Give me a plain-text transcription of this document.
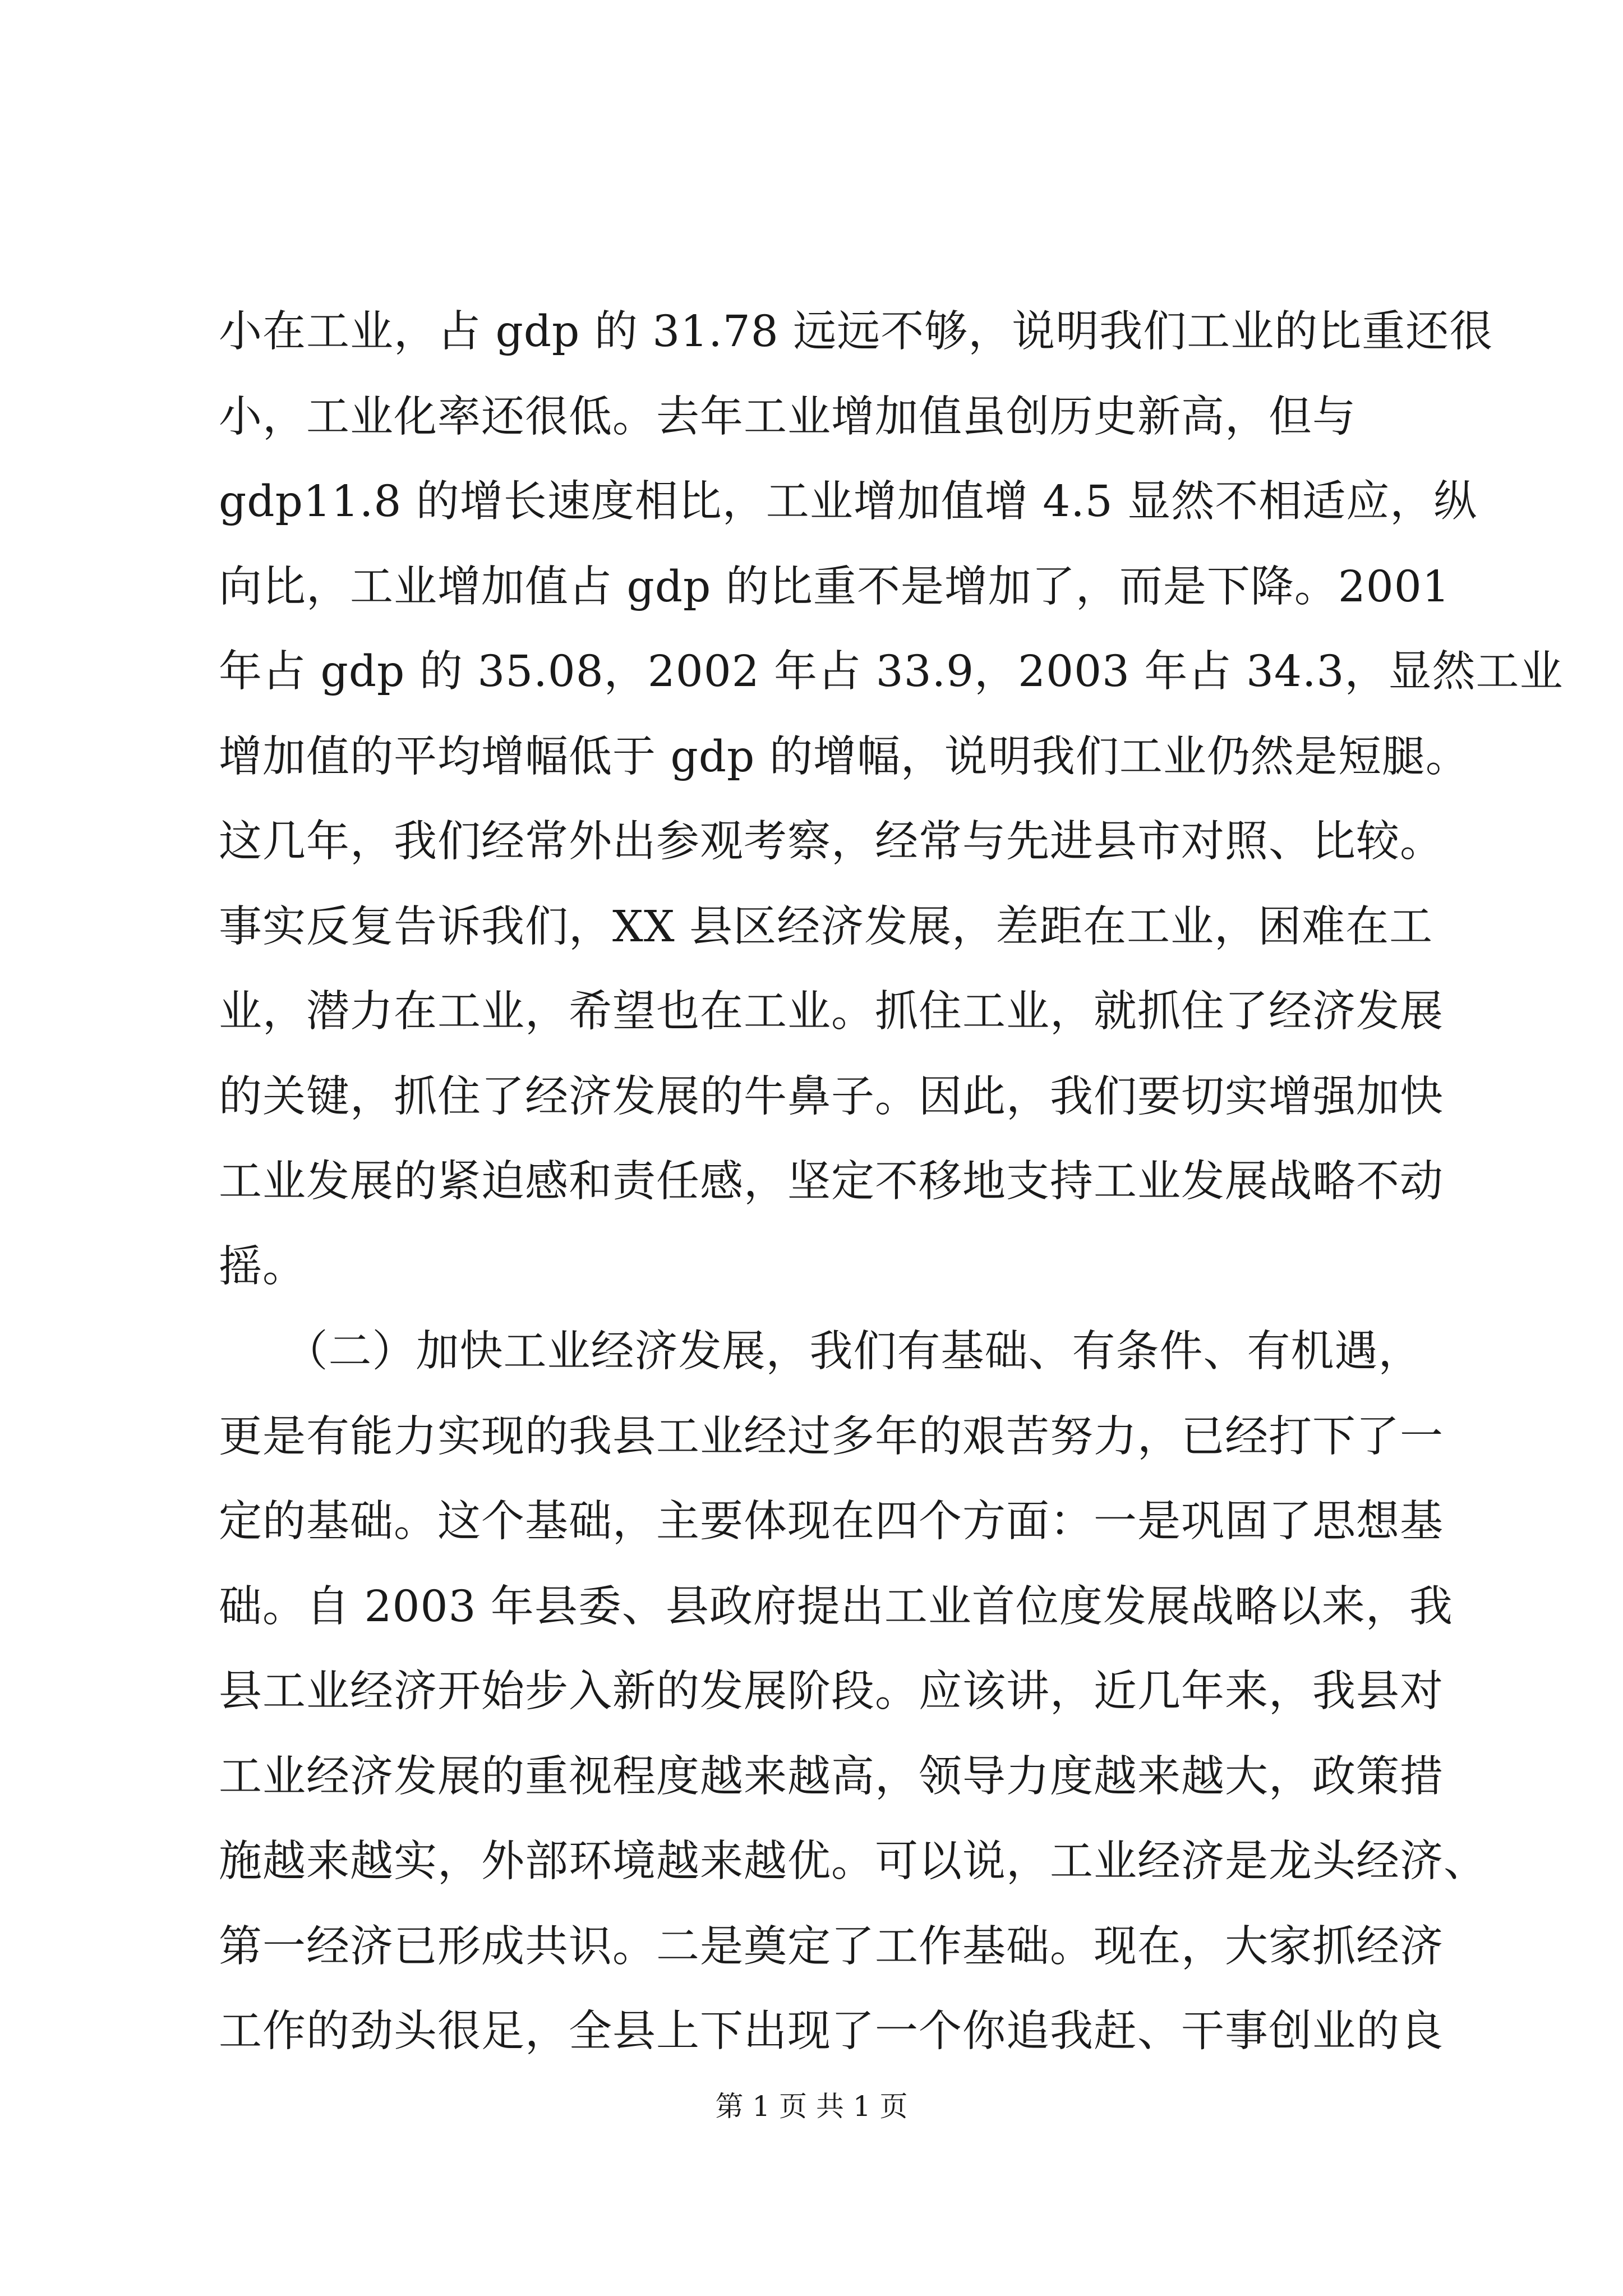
小在工业，占 gdp 的 31.78 远远不够，说明我们工业的比重还很
小，工业化率还很低。去年工业增加值虽创历史新高，但与
gdp11.8 的增长速度相比，工业增加值增 4.5 显然不相适应，纵
向比，工业增加值占 gdp 的比重不是增加了，而是下降。2001
年占 gdp 的 35.08，2002 年占 33.9，2003 年占 34.3，显然工业
增加值的平均增幅低于 gdp 的增幅，说明我们工业仍然是短腿。
这几年，我们经常外出参观考察，经常与先进县市对照、比较。
事实反复告诉我们，XX 县区经济发展，差距在工业，困难在工
业，潜力在工业，希望也在工业。抓住工业，就抓住了经济发展
的关键，抓住了经济发展的牛鼻子。因此，我们要切实增强加快
工业发展的紧迫感和责任感，坚定不移地支持工业发展战略不动
摇。
　　（二）加快工业经济发展，我们有基础、有条件、有机遇，
更是有能力实现的我县工业经过多年的艰苦努力，已经打下了一
定的基础。这个基础，主要体现在四个方面：一是巩固了思想基
础。自 2003 年县委、县政府提出工业首位度发展战略以来，我
县工业经济开始步入新的发展阶段。应该讲，近几年来，我县对
工业经济发展的重视程度越来越高，领导力度越来越大，政策措
施越来越实，外部环境越来越优。可以说，工业经济是龙头经济、
第一经济已形成共识。二是奠定了工作基础。现在，大家抓经济
工作的劲头很足，全县上下出现了一个你追我赶、干事创业的良
第 1 页 共 1 页
